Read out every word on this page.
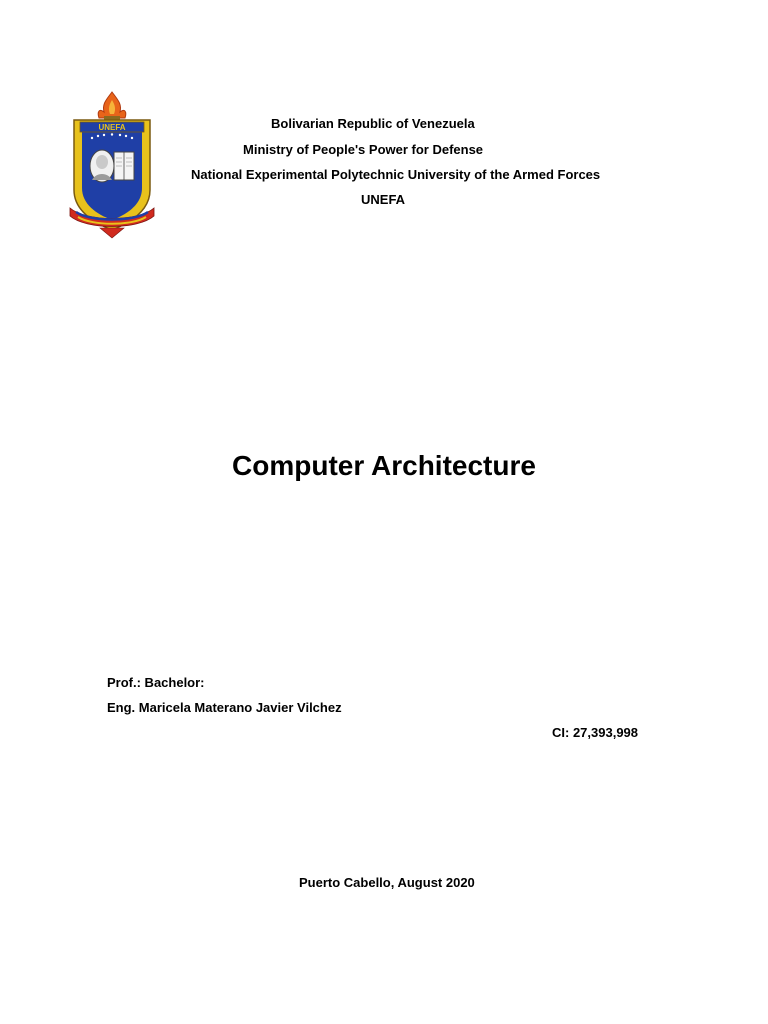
UNEFA	Bolivarian Republic of Venezuela
Ministry of People's Power for Defense
National Experimental Polytechnic University of the Armed Forces
UNEFA
Computer Architecture
Prof.: Bachelor:
Eng. Maricela Materano Javier Vilchez
CI: 27,393,998
Puerto Cabello, August 2020
